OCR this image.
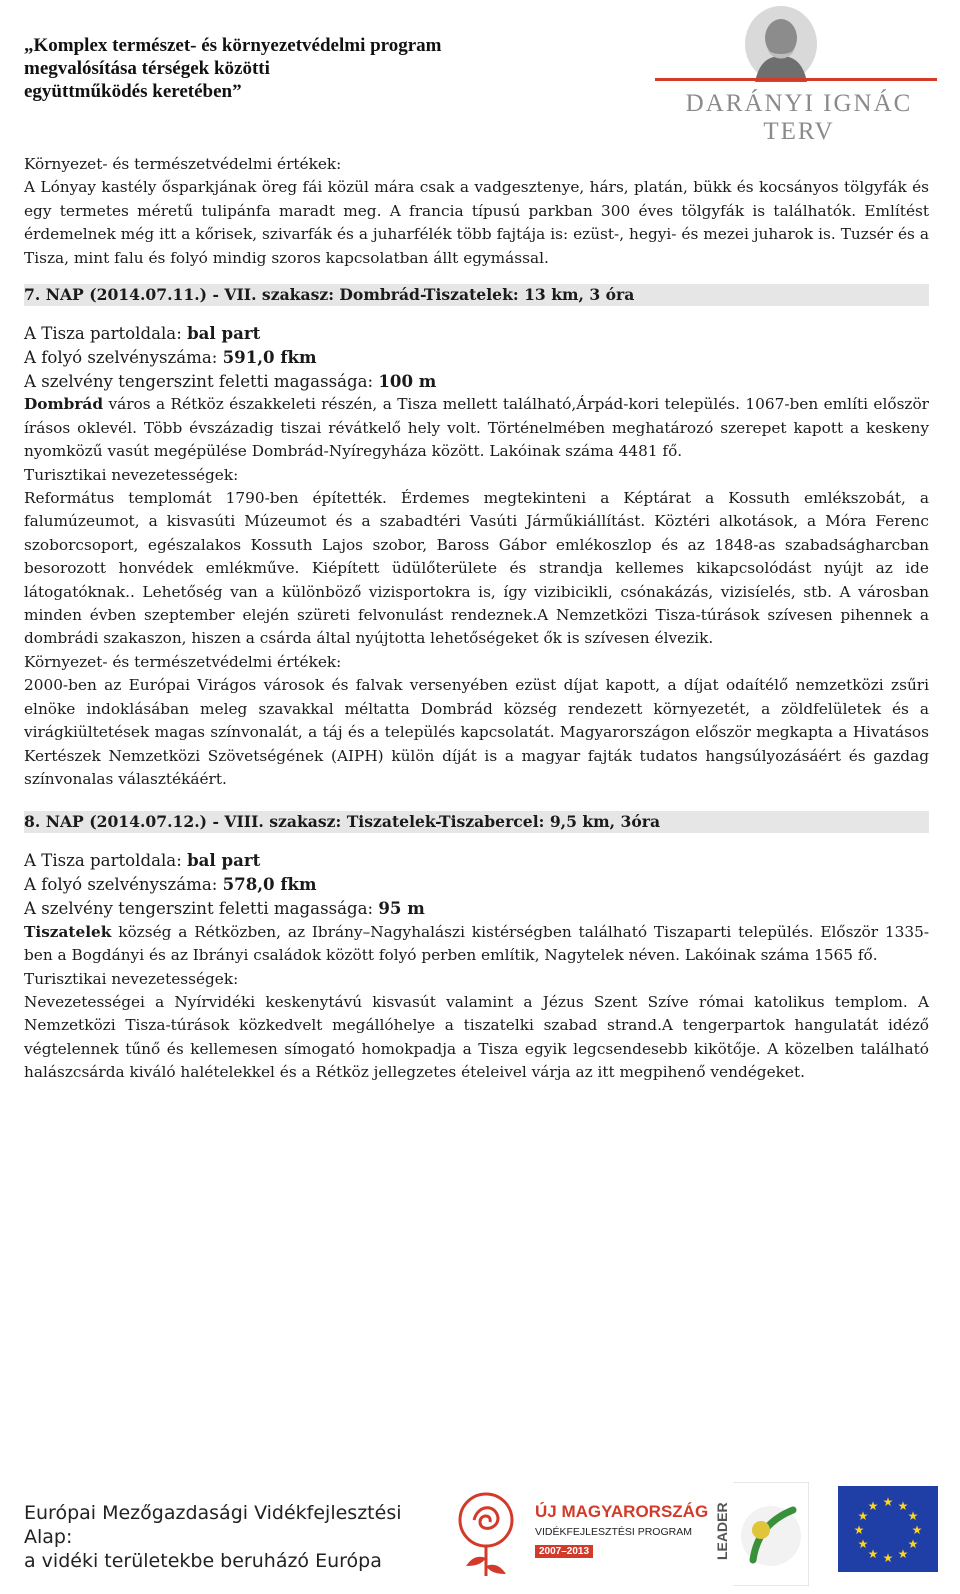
„Komplex természet- és környezetvédelmi program
megvalósítása térségek közötti
együttműködés keretében”	DARÁNYI IGNÁC TERV

Környezet- és természetvédelmi értékek:

A Lónyay kastély ősparkjának öreg fái közül mára csak a vadgesztenye, hárs, platán, bükk és kocsányos tölgyfák és egy termetes méretű tulipánfa maradt meg. A francia típusú parkban 300 éves tölgyfák is találhatók. Említést érdemelnek még itt a kőrisek, szivarfák és a juharfélék több fajtája is: ezüst-, hegyi- és mezei juharok is. Tuzsér és a Tisza, mint falu és folyó mindig szoros kapcsolatban állt egymással.

7. NAP (2014.07.11.) - VII. szakasz: Dombrád-Tiszatelek: 13 km, 3 óra
A Tisza partoldala: bal part
A folyó szelvényszáma: 591,0 fkm
A szelvény tengerszint feletti magassága: 100 m

Dombrád város a Rétköz északkeleti részén, a Tisza mellett található,Árpád-kori település. 1067-ben említi először írásos oklevél. Több évszázadig tiszai révátkelő hely volt. Történelmében meghatározó szerepet kapott a keskeny nyomközű vasút megépülése Dombrád-Nyíregyháza között. Lakóinak száma 4481 fő.

Turisztikai nevezetességek:

Református templomát 1790-ben építették. Érdemes megtekinteni a Képtárat a Kossuth emlékszobát, a falumúzeumot, a kisvasúti Múzeumot és a szabadtéri Vasúti Járműkiállítást. Köztéri alkotások, a Móra Ferenc szoborcsoport, egészalakos Kossuth Lajos szobor, Baross Gábor emlékoszlop és az 1848-as szabadságharcban besorozott honvédek emlékműve. Kiépített üdülőterülete és strandja kellemes kikapcsolódást nyújt az ide látogatóknak.. Lehetőség van a különböző vizisportokra is, így vizibicikli, csónakázás, vizisíelés, stb. A városban minden évben szeptember elején szüreti felvonulást rendeznek.A Nemzetközi Tisza-túrások szívesen pihennek a dombrádi szakaszon, hiszen a csárda által nyújtotta lehetőségeket ők is szívesen élvezik.

Környezet- és természetvédelmi értékek:

2000-ben az Európai Virágos városok és falvak versenyében ezüst díjat kapott, a díjat odaítélő nemzetközi zsűri elnöke indoklásában meleg szavakkal méltatta Dombrád község rendezett környezetét, a zöldfelületek és a virágkiültetések magas színvonalát, a táj és a település kapcsolatát. Magyarországon először megkapta a Hivatásos Kertészek Nemzetközi Szövetségének (AIPH) külön díját is a magyar fajták tudatos hangsúlyozásáért és gazdag színvonalas választékáért.

8. NAP (2014.07.12.) - VIII. szakasz: Tiszatelek-Tiszabercel: 9,5 km, 3óra
A Tisza partoldala: bal part
A folyó szelvényszáma: 578,0 fkm
A szelvény tengerszint feletti magassága: 95 m

Tiszatelek község a Rétközben, az Ibrány–Nagyhalászi kistérségben található Tiszaparti település. Először 1335-ben a Bogdányi és az Ibrányi családok között folyó perben említik, Nagytelek néven. Lakóinak száma 1565 fő.

Turisztikai nevezetességek:

Nevezetességei a Nyírvidéki keskenytávú kisvasút valamint a Jézus Szent Szíve római katolikus templom. A Nemzetközi Tisza-túrások közkedvelt megállóhelye a tiszatelki szabad strand.A tengerpartok hangulatát idéző végtelennek tűnő és kellemesen símogató homokpadja a Tisza egyik legcsendesebb kikötője. A közelben található halászcsárda kiváló halételekkel és a Rétköz jellegzetes ételeivel várja az itt megpihenő vendégeket.

Európai Mezőgazdasági Vidékfejlesztési Alap:
a vidéki területekbe beruházó Európa
ÚJ MAGYARORSZÁG
VIDÉKFEJLESZTÉSI PROGRAM
2007–2013	LEADER
★ ★
★
★
★
★
★
★
★
★
★
★
